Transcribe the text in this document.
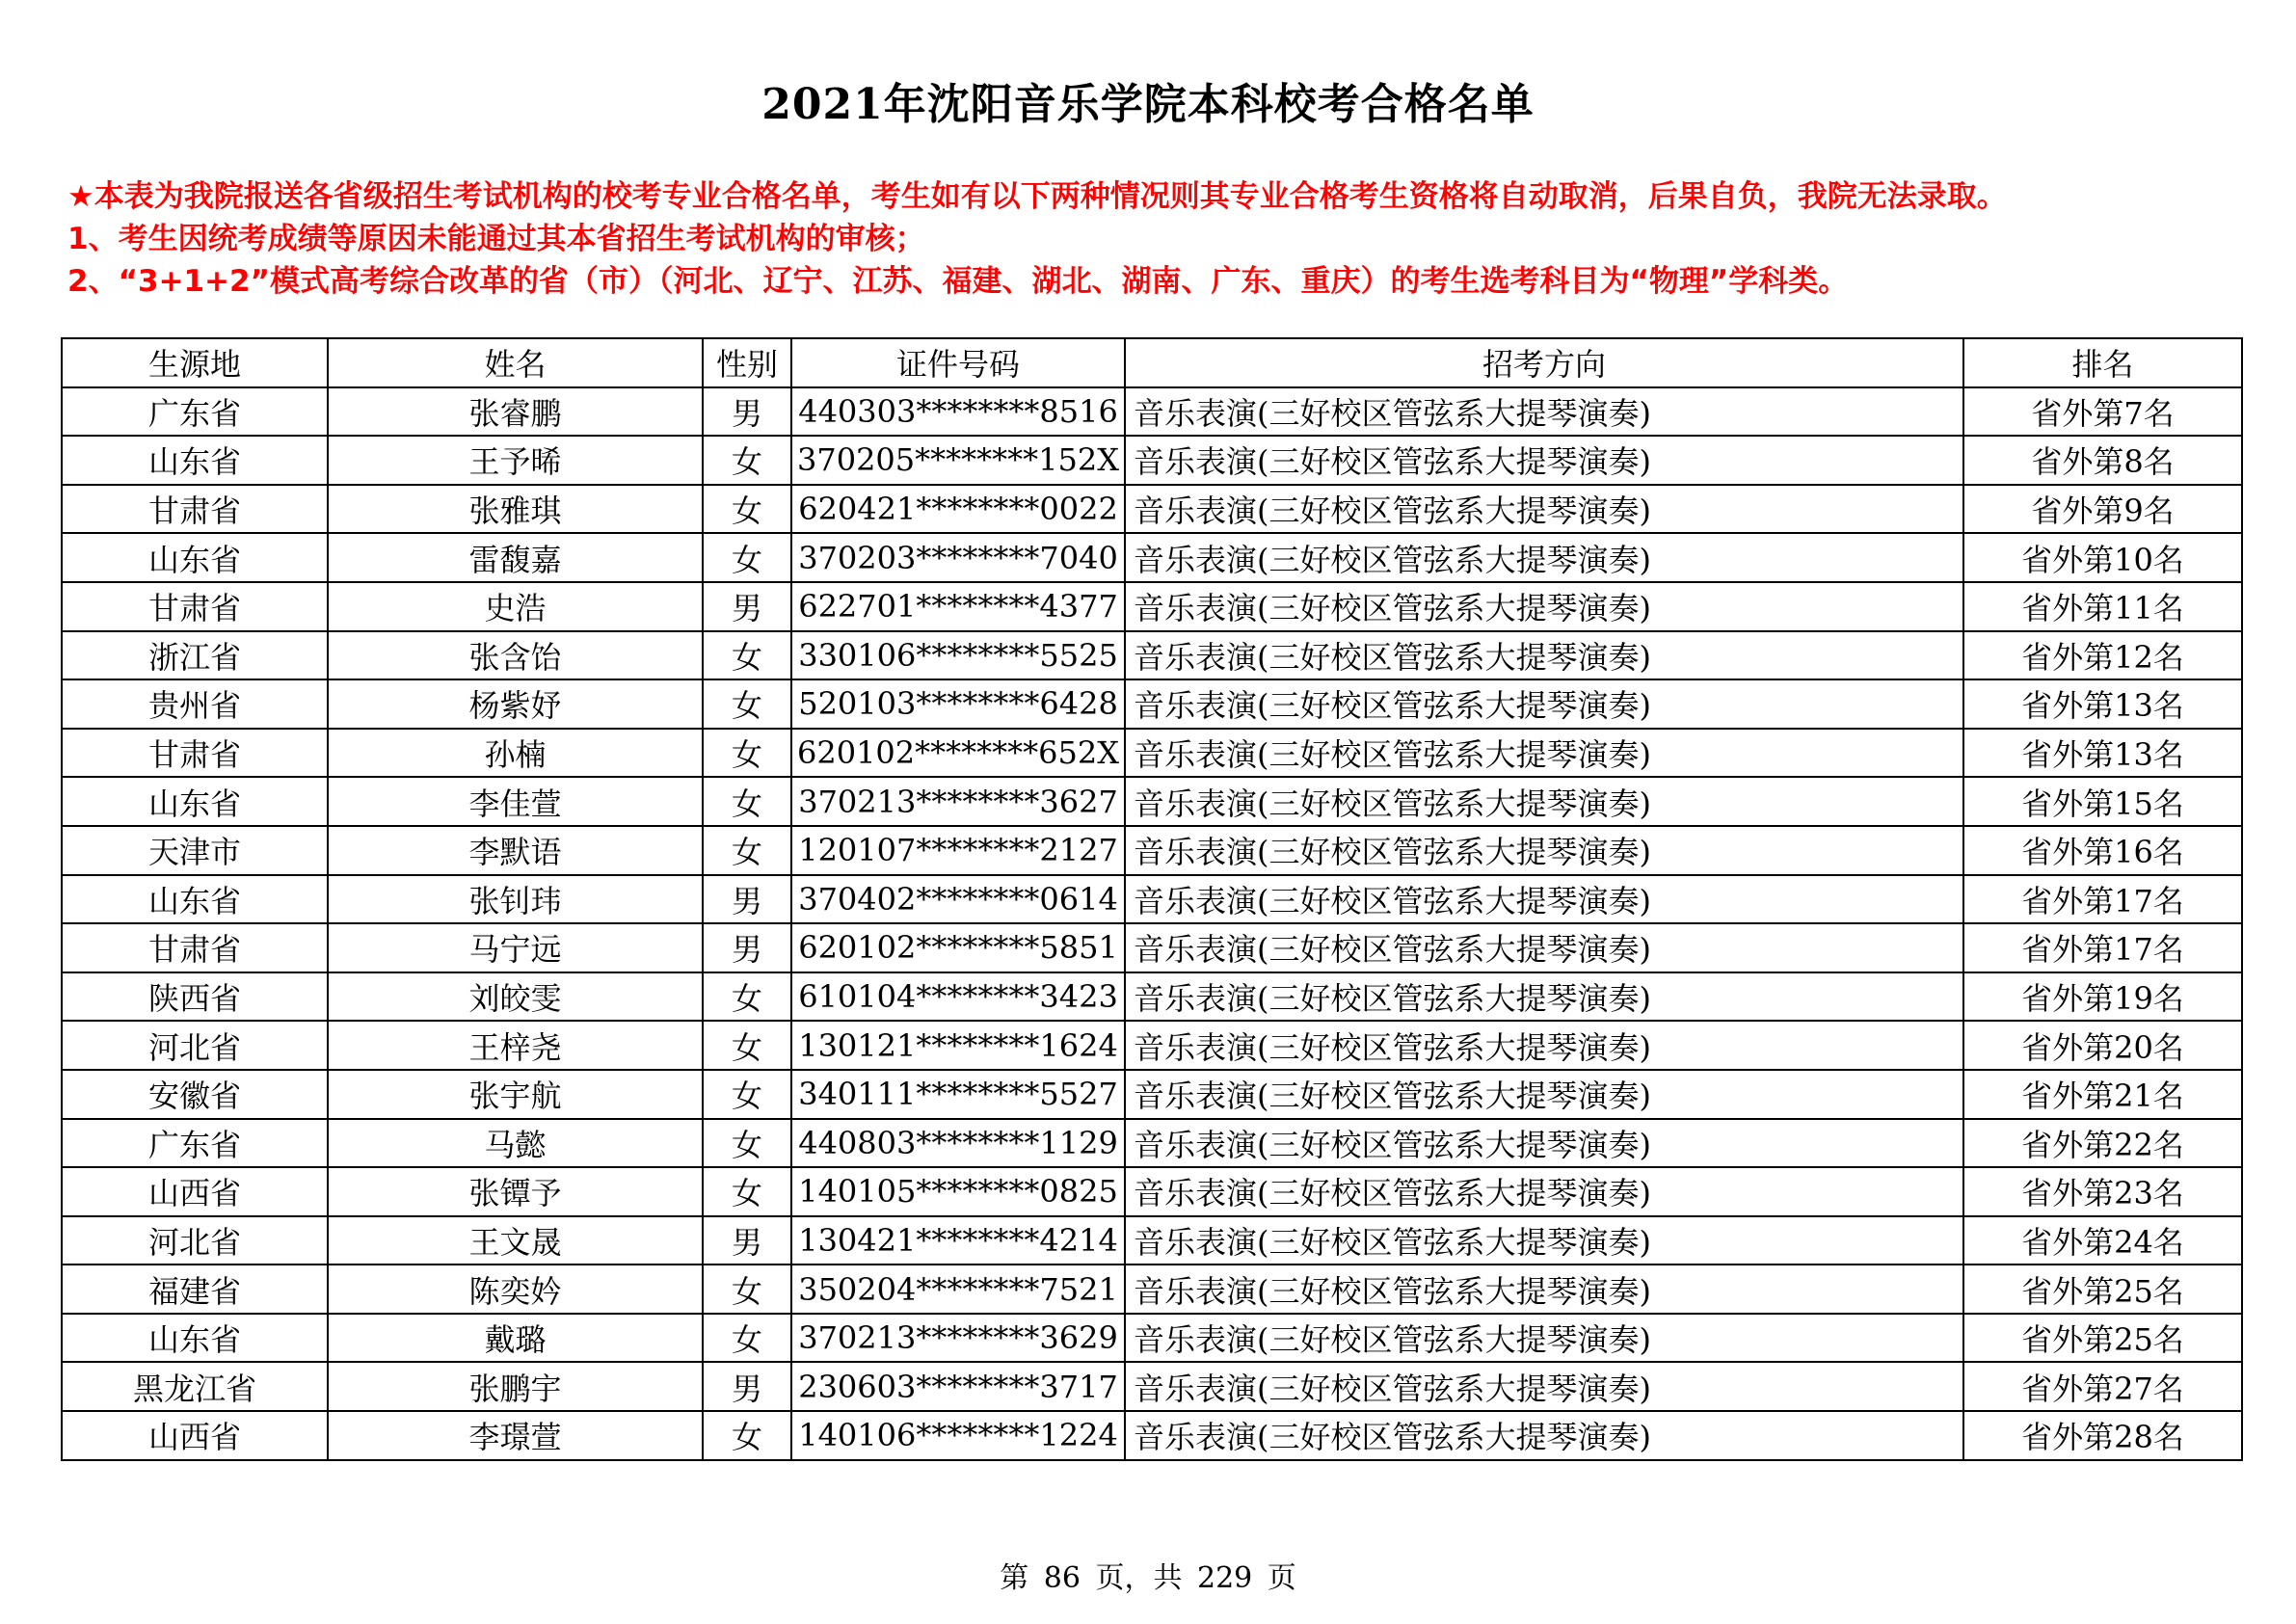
2021年沈阳音乐学院本科校考合格名单
★本表为我院报送各省级招生考试机构的校考专业合格名单，考生如有以下两种情况则其专业合格考生资格将自动取消，后果自负，我院无法录取。
1、考生因统考成绩等原因未能通过其本省招生考试机构的审核；
2、“3+1+2”模式高考综合改革的省（市）（河北、辽宁、江苏、福建、湖北、湖南、广东、重庆）的考生选考科目为“物理”学科类。
生源地	姓名	性别	证件号码	招考方向	排名
广东省	张睿鹏	男	440303********8516	音乐表演(三好校区管弦系大提琴演奏)	省外第7名
山东省	王予晞	女	370205********152X	音乐表演(三好校区管弦系大提琴演奏)	省外第8名
甘肃省	张雅琪	女	620421********0022	音乐表演(三好校区管弦系大提琴演奏)	省外第9名
山东省	雷馥嘉	女	370203********7040	音乐表演(三好校区管弦系大提琴演奏)	省外第10名
甘肃省	史浩	男	622701********4377	音乐表演(三好校区管弦系大提琴演奏)	省外第11名
浙江省	张含饴	女	330106********5525	音乐表演(三好校区管弦系大提琴演奏)	省外第12名
贵州省	杨紫妤	女	520103********6428	音乐表演(三好校区管弦系大提琴演奏)	省外第13名
甘肃省	孙楠	女	620102********652X	音乐表演(三好校区管弦系大提琴演奏)	省外第13名
山东省	李佳萱	女	370213********3627	音乐表演(三好校区管弦系大提琴演奏)	省外第15名
天津市	李默语	女	120107********2127	音乐表演(三好校区管弦系大提琴演奏)	省外第16名
山东省	张钊玮	男	370402********0614	音乐表演(三好校区管弦系大提琴演奏)	省外第17名
甘肃省	马宁远	男	620102********5851	音乐表演(三好校区管弦系大提琴演奏)	省外第17名
陕西省	刘皎雯	女	610104********3423	音乐表演(三好校区管弦系大提琴演奏)	省外第19名
河北省	王梓尧	女	130121********1624	音乐表演(三好校区管弦系大提琴演奏)	省外第20名
安徽省	张宇航	女	340111********5527	音乐表演(三好校区管弦系大提琴演奏)	省外第21名
广东省	马懿	女	440803********1129	音乐表演(三好校区管弦系大提琴演奏)	省外第22名
山西省	张镡予	女	140105********0825	音乐表演(三好校区管弦系大提琴演奏)	省外第23名
河北省	王文晟	男	130421********4214	音乐表演(三好校区管弦系大提琴演奏)	省外第24名
福建省	陈奕妗	女	350204********7521	音乐表演(三好校区管弦系大提琴演奏)	省外第25名
山东省	戴璐	女	370213********3629	音乐表演(三好校区管弦系大提琴演奏)	省外第25名
黑龙江省	张鹏宇	男	230603********3717	音乐表演(三好校区管弦系大提琴演奏)	省外第27名
山西省	李璟萱	女	140106********1224	音乐表演(三好校区管弦系大提琴演奏)	省外第28名
第 86 页，共 229 页
